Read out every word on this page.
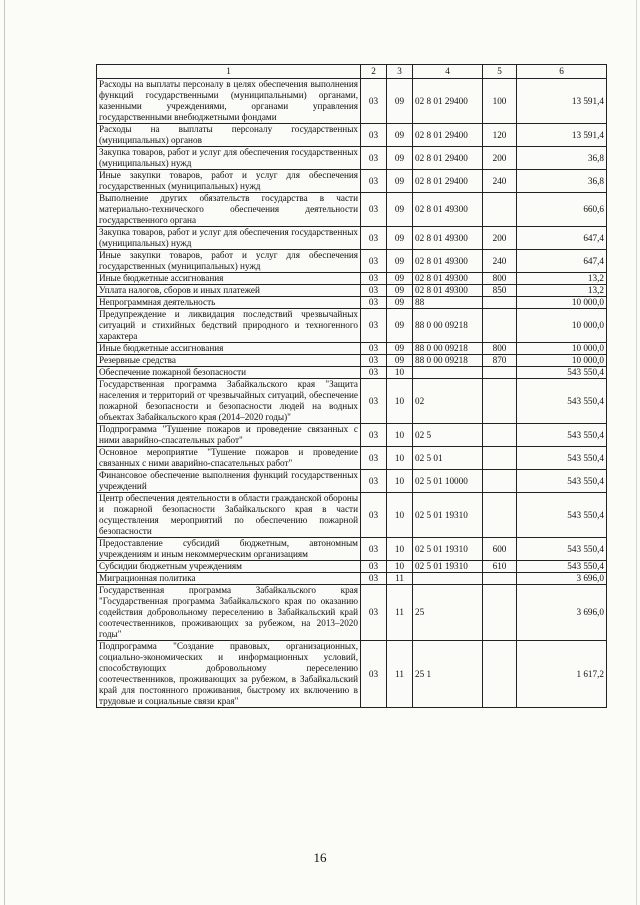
1	2	3	4	5	6
Расходы на выплаты персоналу в целях обеспечения выполнения функций государственными (муниципальными) органами, казенными учреждениями, органами управления государственными внебюджетными фондами	03	09	02 8 01 29400	100	13 591,4
Расходы на выплаты персоналу государственных (муниципальных) органов	03	09	02 8 01 29400	120	13 591,4
Закупка товаров, работ и услуг для обеспечения государственных (муниципальных) нужд	03	09	02 8 01 29400	200	36,8
Иные закупки товаров, работ и услуг для обеспечения государственных (муниципальных) нужд	03	09	02 8 01 29400	240	36,8
Выполнение других обязательств государства в части материально-технического обеспечения деятельности государственного органа	03	09	02 8 01 49300		660,6
Закупка товаров, работ и услуг для обеспечения государственных (муниципальных) нужд	03	09	02 8 01 49300	200	647,4
Иные закупки товаров, работ и услуг для обеспечения государственных (муниципальных) нужд	03	09	02 8 01 49300	240	647,4
Иные бюджетные ассигнования	03	09	02 8 01 49300	800	13,2
Уплата налогов, сборов и иных платежей	03	09	02 8 01 49300	850	13,2
Непрограммная деятельность	03	09	88		10 000,0
Предупреждение и ликвидация последствий чрезвычайных ситуаций и стихийных бедствий природного и техногенного характера	03	09	88 0 00 09218		10 000,0
Иные бюджетные ассигнования	03	09	88 0 00 09218	800	10 000,0
Резервные средства	03	09	88 0 00 09218	870	10 000,0
Обеспечение пожарной безопасности	03	10			543 550,4
Государственная программа Забайкальского края "Защита населения и территорий от чрезвычайных ситуаций, обеспечение пожарной безопасности и безопасности людей на водных объектах Забайкальского края (2014–2020 годы)"	03	10	02		543 550,4
Подпрограмма "Тушение пожаров и проведение связанных с ними аварийно-спасательных работ"	03	10	02 5		543 550,4
Основное мероприятие "Тушение пожаров и проведение связанных с ними аварийно-спасательных работ"	03	10	02 5 01		543 550,4
Финансовое обеспечение выполнения функций государственных учреждений	03	10	02 5 01 10000		543 550,4
Центр обеспечения деятельности в области гражданской обороны и пожарной безопасности Забайкальского края в части осуществления мероприятий по обеспечению пожарной безопасности	03	10	02 5 01 19310		543 550,4
Предоставление субсидий бюджетным, автономным учреждениям и иным некоммерческим организациям	03	10	02 5 01 19310	600	543 550,4
Субсидии бюджетным учреждениям	03	10	02 5 01 19310	610	543 550,4
Миграционная политика	03	11			3 696,0
Государственная программа Забайкальского края "Государственная программа Забайкальского края по оказанию содействия добровольному переселению в Забайкальский край соотечественников, проживающих за рубежом, на 2013–2020 годы"	03	11	25		3 696,0
Подпрограмма "Создание правовых, организационных, социально-экономических и информационных условий, способствующих добровольному переселению соотечественников, проживающих за рубежом, в Забайкальский край для постоянного проживания, быстрому их включению в трудовые и социальные связи края"	03	11	25 1		1 617,2
16
